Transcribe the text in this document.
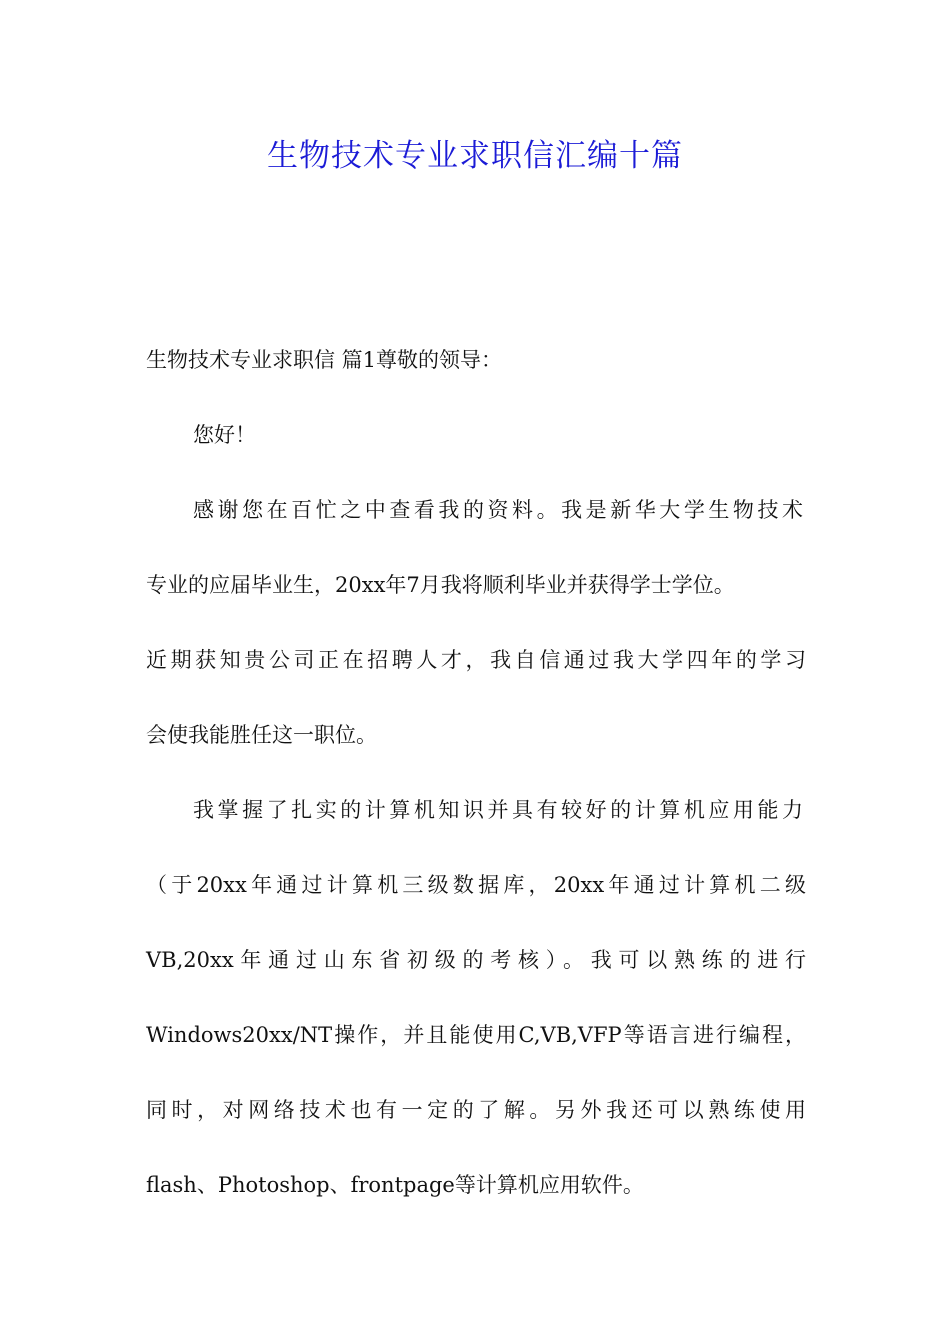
生物技术专业求职信汇编十篇

生物技术专业求职信 篇1尊敬的领导：

您好！

感谢您在百忙之中查看我的资料。我是新华大学生物技术

专业的应届毕业生，20xx年7月我将顺利毕业并获得学士学位。

近期获知贵公司正在招聘人才，我自信通过我大学四年的学习

会使我能胜任这一职位。

我掌握了扎实的计算机知识并具有较好的计算机应用能力

（于20xx年通过计算机三级数据库，20xx年通过计算机二级

VB,20xx年通过山东省初级的考核）。我可以熟练的进行

Windows20xx/NT操作，并且能使用C,VB,VFP等语言进行编程，

同时，对网络技术也有一定的了解。另外我还可以熟练使用

flash、Photoshop、frontpage等计算机应用软件。
